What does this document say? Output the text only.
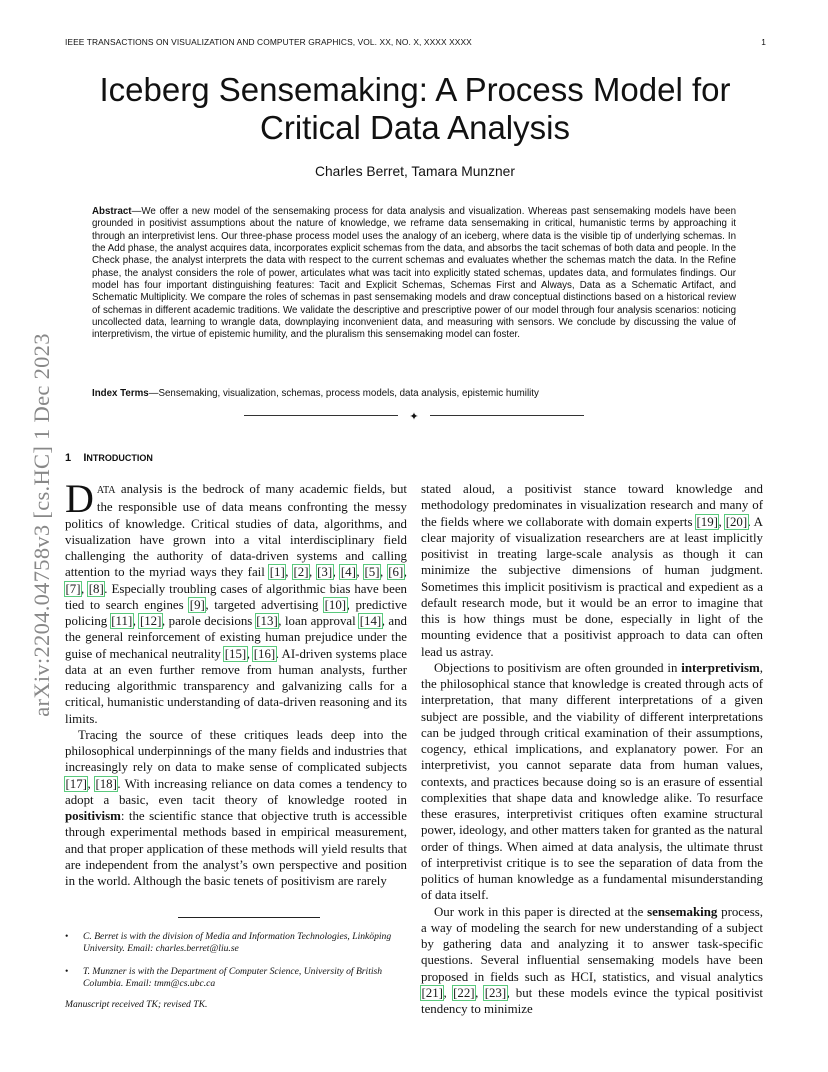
IEEE TRANSACTIONS ON VISUALIZATION AND COMPUTER GRAPHICS, VOL. XX, NO. X, XXXX XXXX	1
arXiv:2204.04758v3 [cs.HC] 1 Dec 2023
Iceberg Sensemaking: A Process Model for Critical Data Analysis
Charles Berret, Tamara Munzner
Abstract—We offer a new model of the sensemaking process for data analysis and visualization. Whereas past sensemaking models have been grounded in positivist assumptions about the nature of knowledge, we reframe data sensemaking in critical, humanistic terms by approaching it through an interpretivist lens. Our three-phase process model uses the analogy of an iceberg, where data is the visible tip of underlying schemas. In the Add phase, the analyst acquires data, incorporates explicit schemas from the data, and absorbs the tacit schemas of both data and people. In the Check phase, the analyst interprets the data with respect to the current schemas and evaluates whether the schemas match the data. In the Refine phase, the analyst considers the role of power, articulates what was tacit into explicitly stated schemas, updates data, and formulates findings. Our model has four important distinguishing features: Tacit and Explicit Schemas, Schemas First and Always, Data as a Schematic Artifact, and Schematic Multiplicity. We compare the roles of schemas in past sensemaking models and draw conceptual distinctions based on a historical review of schemas in different academic traditions. We validate the descriptive and prescriptive power of our model through four analysis scenarios: noticing uncollected data, learning to wrangle data, downplaying inconvenient data, and measuring with sensors. We conclude by discussing the value of interpretivism, the virtue of epistemic humility, and the pluralism this sensemaking model can foster.
Index Terms—Sensemaking, visualization, schemas, process models, data analysis, epistemic humility
✦
1 INTRODUCTION

DATA analysis is the bedrock of many academic fields, but the responsible use of data means confronting the messy politics of knowledge. Critical studies of data, algorithms, and visualization have grown into a vital interdisciplinary field challenging the authority of data-driven systems and calling attention to the myriad ways they fail [1], [2], [3], [4], [5], [6], [7], [8]. Especially troubling cases of algorithmic bias have been tied to search engines [9], targeted advertising [10], predictive policing [11], [12], parole decisions [13], loan approval [14], and the general reinforcement of existing human prejudice under the guise of mechanical neutrality [15], [16]. AI-driven systems place data at an even further remove from human analysts, further reducing algorithmic transparency and galvanizing calls for a critical, humanistic understanding of data-driven reasoning and its limits.

Tracing the source of these critiques leads deep into the philosophical underpinnings of the many fields and industries that increasingly rely on data to make sense of complicated subjects [17], [18]. With increasing reliance on data comes a tendency to adopt a basic, even tacit theory of knowledge rooted in positivism: the scientific stance that objective truth is accessible through experimental methods based in empirical measurement, and that proper application of these methods will yield results that are independent from the analyst’s own perspective and position in the world. Although the basic tenets of positivism are rarely

stated aloud, a positivist stance toward knowledge and methodology predominates in visualization research and many of the fields where we collaborate with domain experts [19], [20]. A clear majority of visualization researchers are at least implicitly positivist in treating large-scale analysis as though it can minimize the subjective dimensions of human judgment. Sometimes this implicit positivism is practical and expedient as a default research mode, but it would be an error to imagine that this is how things must be done, especially in light of the mounting evidence that a positivist approach to data can often lead us astray.

Objections to positivism are often grounded in interpretivism, the philosophical stance that knowledge is created through acts of interpretation, that many different interpretations of a given subject are possible, and the viability of different interpretations can be judged through critical examination of their assumptions, cogency, ethical implications, and explanatory power. For an interpretivist, you cannot separate data from human values, contexts, and practices because doing so is an erasure of essential complexities that shape data and knowledge alike. To resurface these erasures, interpretivist critiques often examine structural power, ideology, and other matters taken for granted as the natural order of things. When aimed at data analysis, the ultimate thrust of interpretivist critique is to see the separation of data from the politics of human knowledge as a fundamental misunderstanding of data itself.

Our work in this paper is directed at the sensemaking process, a way of modeling the search for new understanding of a subject by gathering data and analyzing it to answer task-specific questions. Several influential sensemaking models have been proposed in fields such as HCI, statistics, and visual analytics [21], [22], [23], but these models evince the typical positivist tendency to minimize

• C. Berret is with the division of Media and Information Technologies, Linköping University. Email: charles.berret@liu.se
• T. Munzner is with the Department of Computer Science, University of British Columbia. Email: tmm@cs.ubc.ca
Manuscript received TK; revised TK.
